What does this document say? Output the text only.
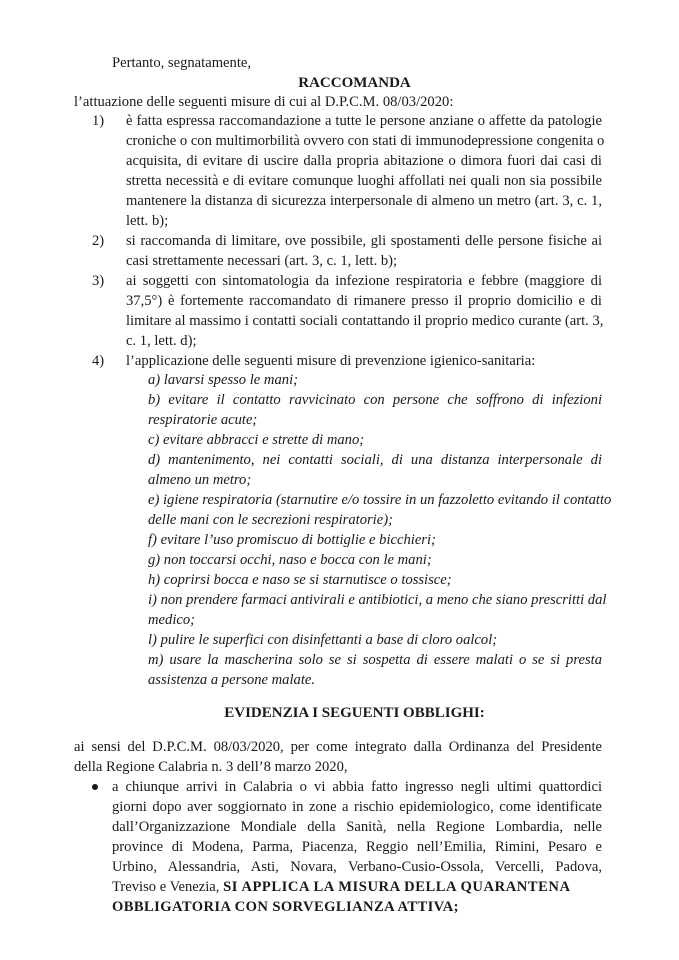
Pertanto, segnatamente,
RACCOMANDA
l’attuazione delle seguenti misure di cui al D.P.C.M. 08/03/2020:
1) è fatta espressa raccomandazione a tutte le persone anziane o affette da patologie
croniche o con multimorbilità ovvero con stati di immunodepressione congenita o
acquisita, di evitare di uscire dalla propria abitazione o dimora fuori dai casi di
stretta necessità e di evitare comunque luoghi affollati nei quali non sia possibile
mantenere la distanza di sicurezza interpersonale di almeno un metro (art. 3, c. 1,
lett. b);
2) si raccomanda di limitare, ove possibile, gli spostamenti delle persone fisiche ai
casi strettamente necessari (art. 3, c. 1, lett. b);
3) ai soggetti con sintomatologia da infezione respiratoria e febbre (maggiore di
37,5°) è fortemente raccomandato di rimanere presso il proprio domicilio e di
limitare al massimo i contatti sociali contattando il proprio medico curante (art. 3,
c. 1, lett. d);
4) l’applicazione delle seguenti misure di prevenzione igienico-sanitaria:
a) lavarsi spesso le mani;
b) evitare il contatto ravvicinato con persone che soffrono di infezioni
respiratorie acute;
c) evitare abbracci e strette di mano;
d) mantenimento, nei contatti sociali, di una distanza interpersonale di
almeno un metro;
e) igiene respiratoria (starnutire e/o tossire in un fazzoletto evitando il contatto
delle mani con le secrezioni respiratorie);
f) evitare l’uso promiscuo di bottiglie e bicchieri;
g) non toccarsi occhi, naso e bocca con le mani;
h) coprirsi bocca e naso se si starnutisce o tossisce;
i) non prendere farmaci antivirali e antibiotici, a meno che siano prescritti dal
medico;
l) pulire le superfici con disinfettanti a base di cloro oalcol;
m) usare la mascherina solo se si sospetta di essere malati o se si presta
assistenza a persone malate.
EVIDENZIA I SEGUENTI OBBLIGHI:
ai sensi del D.P.C.M. 08/03/2020, per come integrato dalla Ordinanza del Presidente
della Regione Calabria n. 3 dell’8 marzo 2020,
a chiunque arrivi in Calabria o vi abbia fatto ingresso negli ultimi quattordici
giorni dopo aver soggiornato in zone a rischio epidemiologico, come identificate
dall’Organizzazione Mondiale della Sanità, nella Regione Lombardia, nelle
province di Modena, Parma, Piacenza, Reggio nell’Emilia, Rimini, Pesaro e
Urbino, Alessandria, Asti, Novara, Verbano-Cusio-Ossola, Vercelli, Padova,
Treviso e Venezia, SI APPLICA LA MISURA DELLA QUARANTENA
OBBLIGATORIA CON SORVEGLIANZA ATTIVA;
